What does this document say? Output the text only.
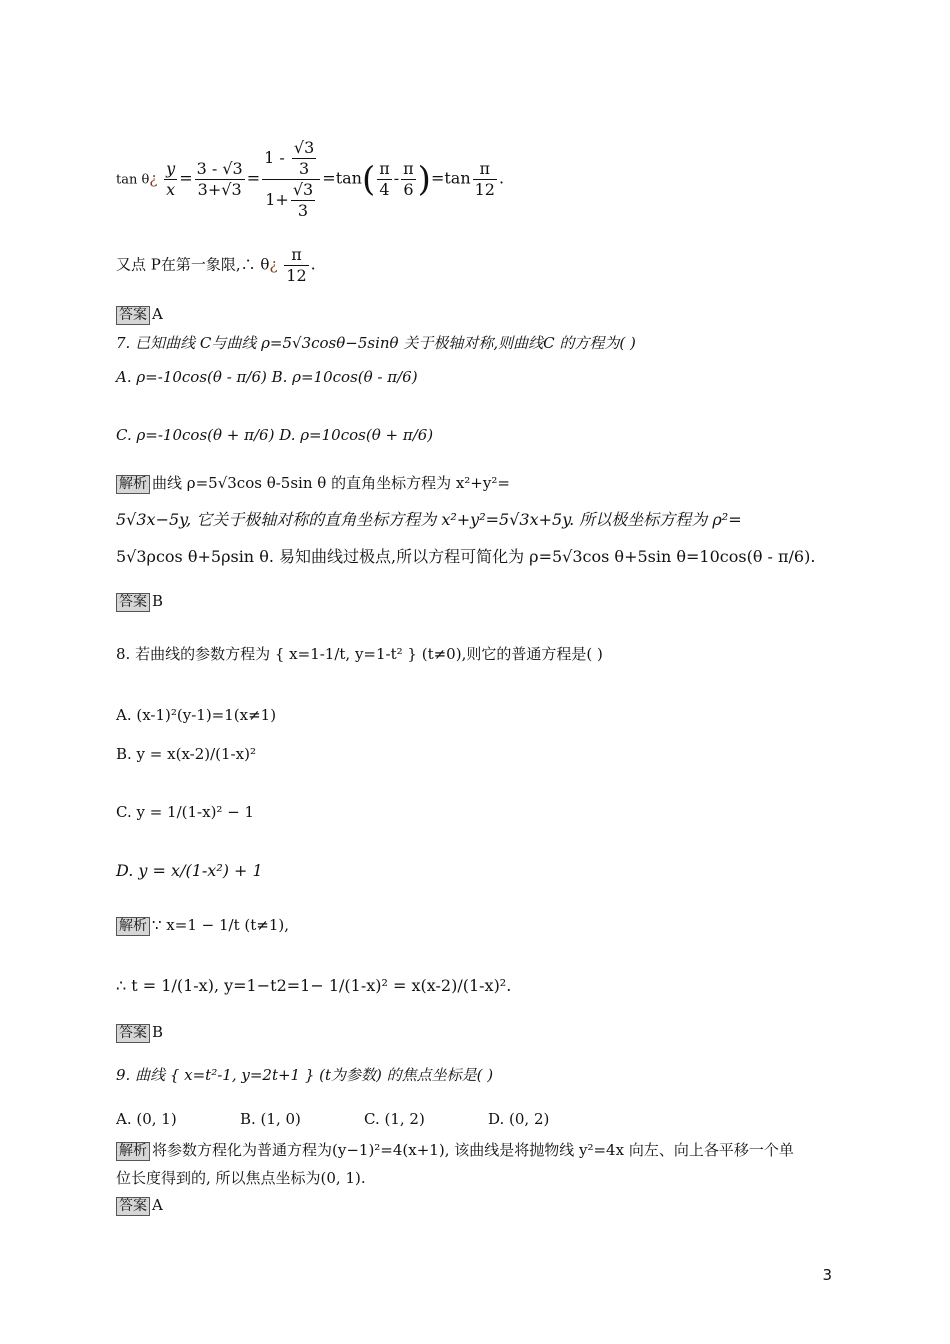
tan θ¿ $\frac{y}{x} = \frac{3 - √3}{3+√3} = \frac{1 - \frac{√3}{3}}{1+ \frac{√3}{3}} =\tan( \frac{\pi}{4} - \frac{\pi}{6} )=\tan \frac{\pi}{12}$ .
又点 P在第一象限,∴ θ¿ $\frac{\pi}{12}$ .
答案 A
7. 已知曲线 C与曲线 ρ=5√3cosθ−5sinθ 关于极轴对称,则曲线C 的方程为( )
A. ρ=-10cos(θ - π/6) B. ρ=10cos(θ - π/6)
C. ρ=-10cos(θ + π/6) D. ρ=10cos(θ + π/6)
解析 曲线 ρ=5√3cos θ-5sin θ 的直角坐标方程为 x²+y²=
5√3x−5y, 它关于极轴对称的直角坐标方程为 x²+y²=5√3x+5y. 所以极坐标方程为 ρ²=
5√3ρcos θ+5ρsin θ. 易知曲线过极点,所以方程可简化为 ρ=5√3cos θ+5sin θ=10cos(θ - π/6).
答案 B
8. 若曲线的参数方程为 { x=1-1/t, y=1-t² } (t≠0),则它的普通方程是( )
A. (x-1)²(y-1)=1(x≠1)
B. y = x(x-2)/(1-x)²
C. y = 1/(1-x)² − 1
D. y = x/(1-x²) + 1
解析 ∵ x=1 − 1/t (t≠1),
∴ t = 1/(1-x), y=1−t2=1− 1/(1-x)² = x(x-2)/(1-x)².
答案 B
9. 曲线 { x=t²-1, y=2t+1 } (t为参数) 的焦点坐标是( )
A. (0, 1)	B. (1, 0)	C. (1, 2)	D. (0, 2)
解析 将参数方程化为普通方程为(y−1)²=4(x+1), 该曲线是将抛物线 y²=4x 向左、向上各平移一个单
位长度得到的, 所以焦点坐标为(0, 1).
答案 A
3
